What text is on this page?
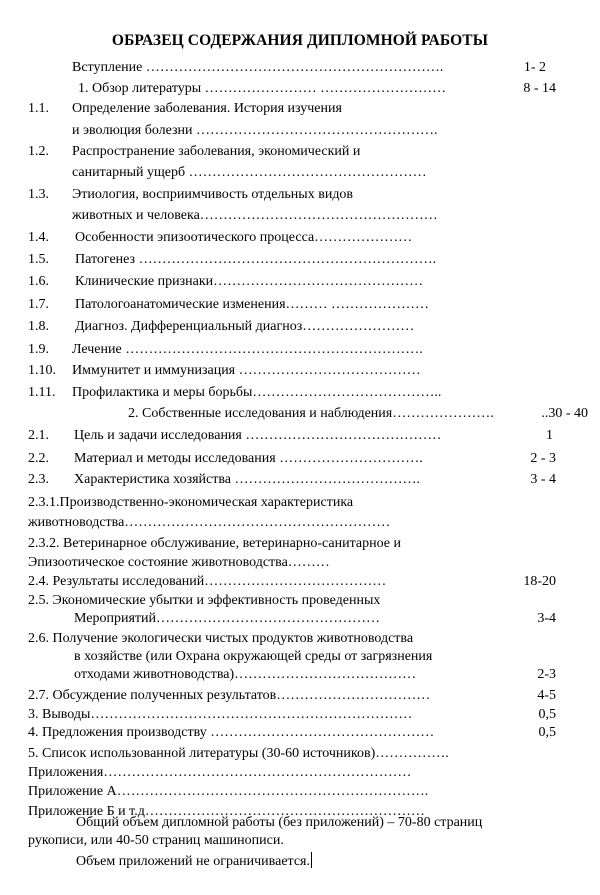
ОБРАЗЕЦ СОДЕРЖАНИЯ ДИПЛОМНОЙ РАБОТЫ
Вступление ……………………………………………………….	1- 2
1. Обзор литературы …………………… ………………………	8 - 14
1.1. Определение заболевания. История изучения
и эволюция болезни …………………………………………….
1.2. Распространение заболевания, экономический и
санитарный ущерб ……………………………………………
1.3. Этиология, восприимчивость отдельных видов
животных и человека……………………………………………
1.4. Особенности эпизоотического процесса…………………
1.5. Патогенез ……………………………………………………….
1.6. Клинические признаки………………………………………
1.7. Патологоанатомические изменения……… …………………
1.8. Диагноз. Дифференциальный диагноз……………………
1.9. Лечение ……………………………………………………….
1.10. Иммунитет и иммунизация …………………………………
1.11. Профилактика и меры борьбы…………………………………..
2. Собственные исследования и наблюдения………………….	..30 - 40
2.1. Цель и задачи исследования ……………………………………	1
2.2. Материал и методы исследования ………………………….	2 - 3
2.3. Характеристика хозяйства ………………………………….	3 - 4
2.3.1.Производственно-экономическая характеристика
животноводства…………………………………………………
2.3.2. Ветеринарное обслуживание, ветеринарно-санитарное и
Эпизоотическое состояние животноводства………
2.4. Результаты исследований…………………………………	18-20
2.5. Экономические убытки и эффективность проведенных
Мероприятий…………………………………………	3-4
2.6. Получение экологически чистых продуктов животноводства
в хозяйстве (или Охрана окружающей среды от загрязнения
отходами животноводства)…………………………………	2-3
2.7. Обсуждение полученных результатов……………………………	4-5
3. Выводы……………………………………………………………	0,5
4. Предложения производству …………………………………………	0,5
5. Список использованной литературы (30-60 источников)…………….
Приложения…………………………………………………………
Приложение А………………………………………………………….
Приложение Б и т.д……………………………………………………
Общий объем дипломной работы (без приложений) – 70-80 страниц
рукописи, или 40-50 страниц машинописи.
Объем приложений не ограничивается.
